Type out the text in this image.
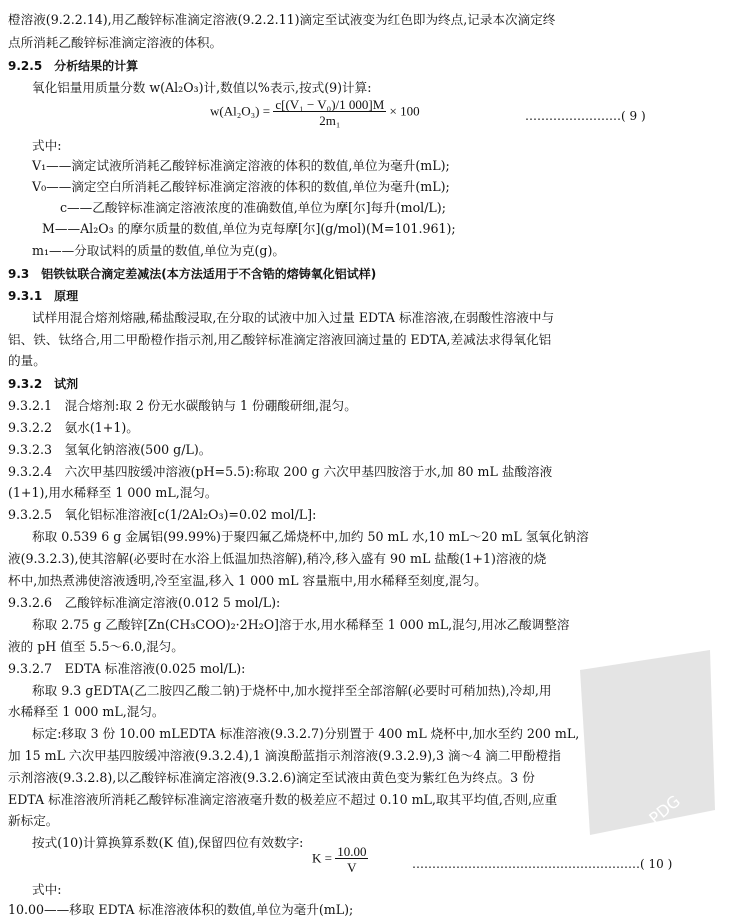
橙溶液(9.2.2.14),用乙酸锌标准滴定溶液(9.2.2.11)滴定至试液变为红色即为终点,记录本次滴定终
点所消耗乙酸锌标准滴定溶液的体积。
9.2.5　分析结果的计算
氧化铝量用质量分数 w(Al₂O₃)计,数值以%表示,按式(9)计算:
$w(Al_2O_3) = \frac{\text{c[(V₁ − V₀)/1 000]M}}{\text{2m₁}} \times 100$	……………………( 9 )
式中:
V₁——滴定试液所消耗乙酸锌标准滴定溶液的体积的数值,单位为毫升(mL);
V₀——滴定空白所消耗乙酸锌标准滴定溶液的体积的数值,单位为毫升(mL);
c——乙酸锌标准滴定溶液浓度的准确数值,单位为摩[尔]每升(mol/L);
M——Al₂O₃ 的摩尔质量的数值,单位为克每摩[尔](g/mol)(M=101.961);
m₁——分取试料的质量的数值,单位为克(g)。
9.3　铝铁钛联合滴定差减法(本方法适用于不含锆的熔铸氧化铝试样)
9.3.1　原理
试样用混合熔剂熔融,稀盐酸浸取,在分取的试液中加入过量 EDTA 标准溶液,在弱酸性溶液中与
铝、铁、钛络合,用二甲酚橙作指示剂,用乙酸锌标准滴定溶液回滴过量的 EDTA,差减法求得氧化铝
的量。
9.3.2　试剂
9.3.2.1　混合熔剂:取 2 份无水碳酸钠与 1 份硼酸研细,混匀。
9.3.2.2　氨水(1+1)。
9.3.2.3　氢氧化钠溶液(500 g/L)。
9.3.2.4　六次甲基四胺缓冲溶液(pH=5.5):称取 200 g 六次甲基四胺溶于水,加 80 mL 盐酸溶液
(1+1),用水稀释至 1 000 mL,混匀。
9.3.2.5　氧化铝标准溶液[c(1/2Al₂O₃)=0.02 mol/L]:
称取 0.539 6 g 金属铝(99.99%)于聚四氟乙烯烧杯中,加约 50 mL 水,10 mL～20 mL 氢氧化钠溶
液(9.3.2.3),使其溶解(必要时在水浴上低温加热溶解),稍冷,移入盛有 90 mL 盐酸(1+1)溶液的烧
杯中,加热煮沸使溶液透明,冷至室温,移入 1 000 mL 容量瓶中,用水稀释至刻度,混匀。
9.3.2.6　乙酸锌标准滴定溶液(0.012 5 mol/L):
称取 2.75 g 乙酸锌[Zn(CH₃COO)₂·2H₂O]溶于水,用水稀释至 1 000 mL,混匀,用冰乙酸调整溶
液的 pH 值至 5.5～6.0,混匀。
9.3.2.7　EDTA 标准溶液(0.025 mol/L):
称取 9.3 gEDTA(乙二胺四乙酸二钠)于烧杯中,加水搅拌至全部溶解(必要时可稍加热),冷却,用
水稀释至 1 000 mL,混匀。
标定:移取 3 份 10.00 mLEDTA 标准溶液(9.3.2.7)分别置于 400 mL 烧杯中,加水至约 200 mL,
加 15 mL 六次甲基四胺缓冲溶液(9.3.2.4),1 滴溴酚蓝指示剂溶液(9.3.2.9),3 滴～4 滴二甲酚橙指
示剂溶液(9.3.2.8),以乙酸锌标准滴定溶液(9.3.2.6)滴定至试液由黄色变为紫红色为终点。3 份
EDTA 标准溶液所消耗乙酸锌标准滴定溶液毫升数的极差应不超过 0.10 mL,取其平均值,否则,应重
新标定。
按式(10)计算换算系数(K 值),保留四位有效数字:
$K = \frac{10.00}{V}$	…………………………………………………( 10 )
式中:
10.00——移取 EDTA 标准溶液体积的数值,单位为毫升(mL);
PDG
